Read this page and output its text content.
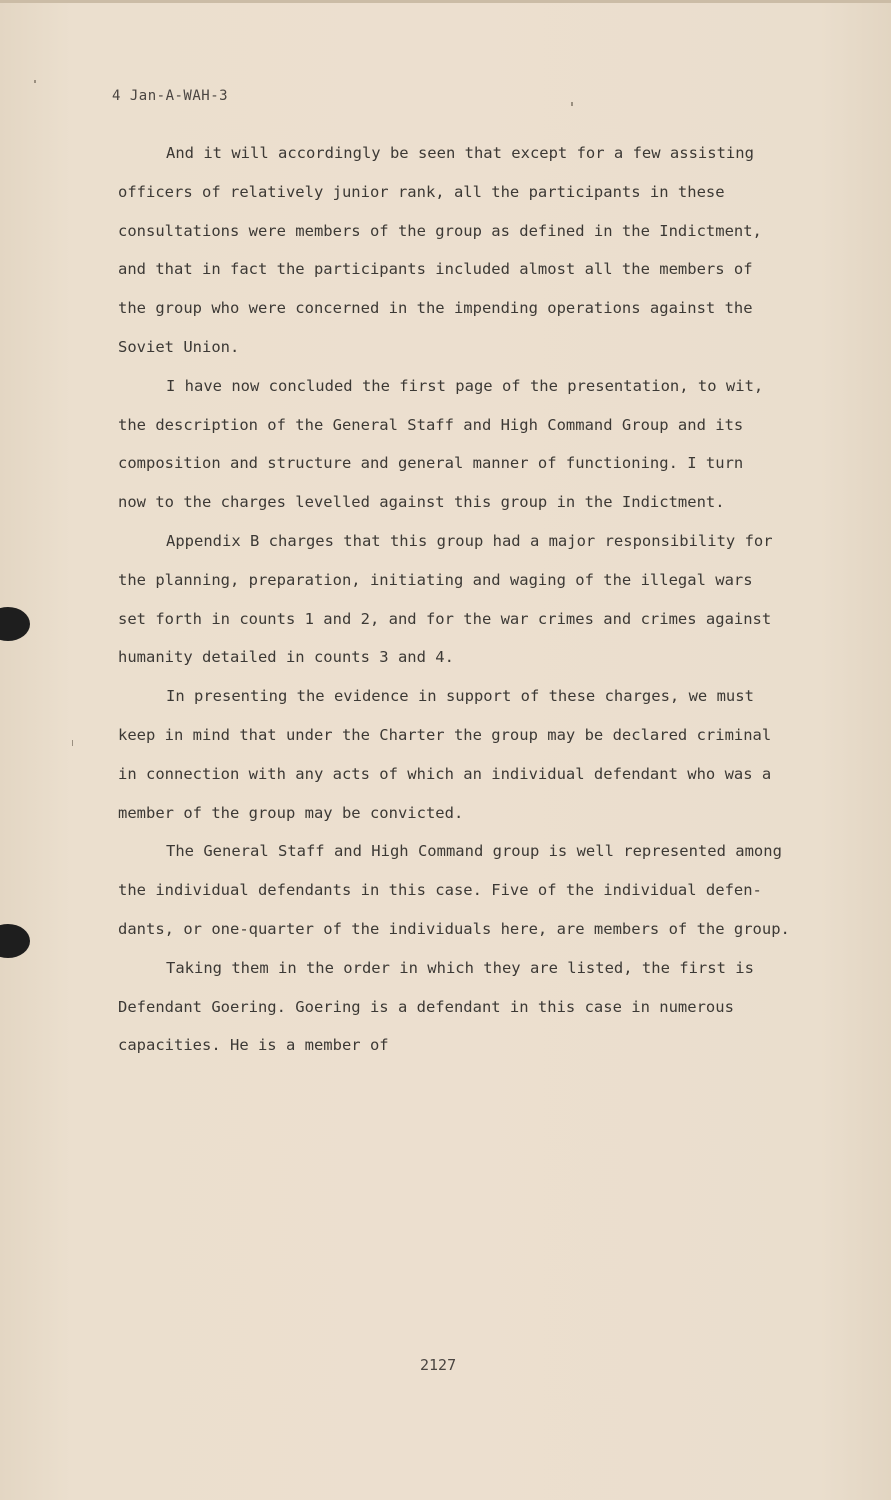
4 Jan-A-WAH-3

And it will accordingly be seen that except for a few assisting
officers of relatively junior rank, all the participants in these
consultations were members of the group as defined in the Indictment,
and that in fact the participants included almost all the members of
the group who were concerned in the impending operations against the
Soviet Union.

I have now concluded the first page of the presentation, to wit,
the description of the General Staff and High Command Group and its
composition and structure and general manner of functioning. I turn
now to the charges levelled against this group in the Indictment.

Appendix B charges that this group had a major responsibility for
the planning, preparation, initiating and waging of the illegal wars
set forth in counts 1 and 2, and for the war crimes and crimes against
humanity detailed in counts 3 and 4.

In presenting the evidence in support of these charges, we must
keep in mind that under the Charter the group may be declared criminal
in connection with any acts of which an individual defendant who was a
member of the group may be convicted.

The General Staff and High Command group is well represented among
the individual defendants in this case. Five of the individual defen-
dants, or one-quarter of the individuals here, are members of the group.

Taking them in the order in which they are listed, the first is
Defendant Goering. Goering is a defendant in this case in numerous
capacities. He is a member of

2127
